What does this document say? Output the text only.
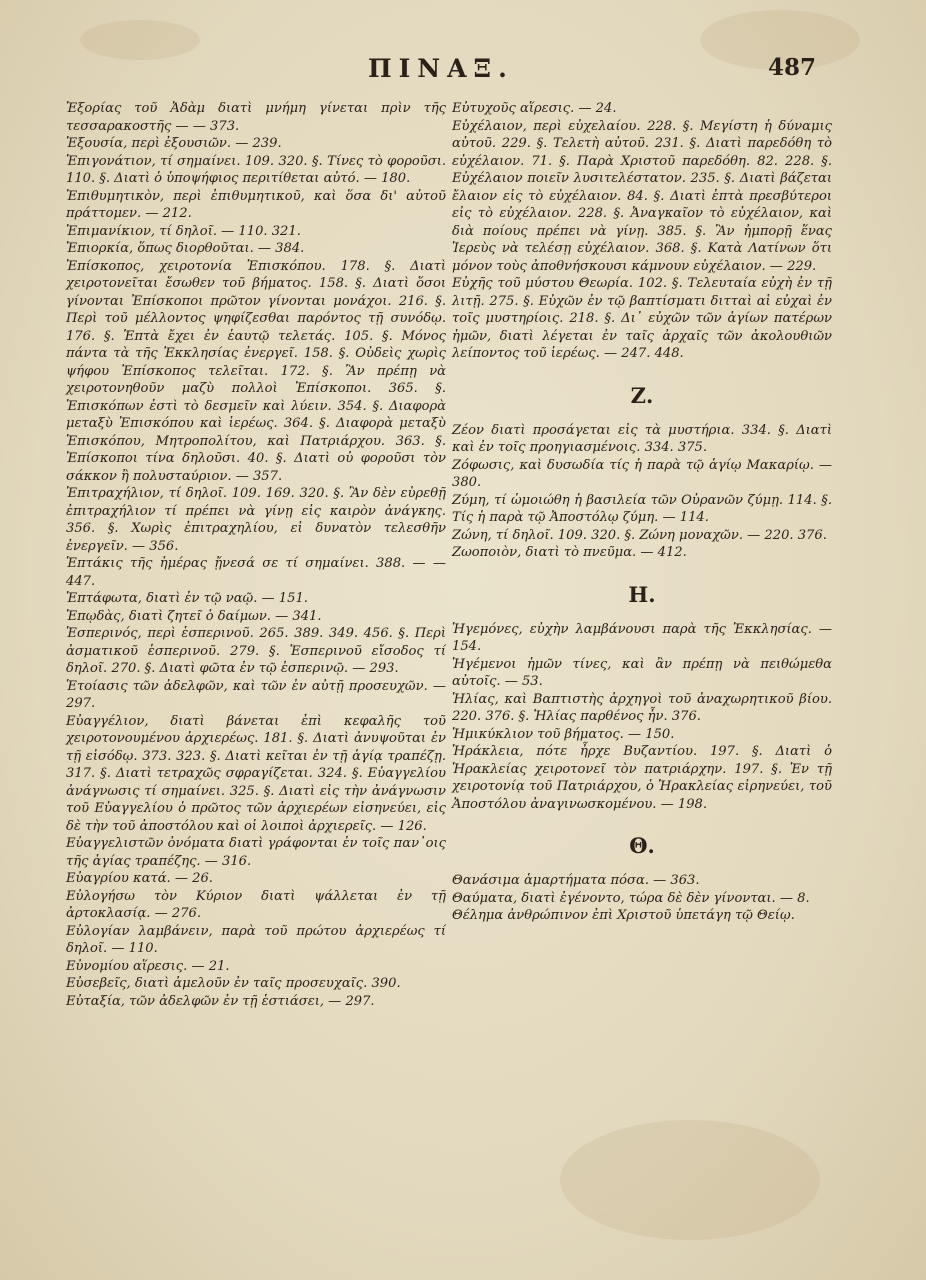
ΠΙΝΑΞ.	487

Ἐξορίας τοῦ Ἀδὰμ διατὶ μνήμη γίνεται πρὶν τῆς τεσσαρακοστῆς — — 373.

Ἐξουσία, περὶ ἐξουσιῶν. — 239.

Ἐπιγονάτιον, τί σημαίνει. 109. 320. §. Τίνες τὸ φοροῦσι. 110. §. Διατὶ ὁ ὑποψήφιος περιτίθεται αὐτό. — 180.

Ἐπιθυμητικὸν, περὶ ἐπιθυμητικοῦ, καὶ ὅσα δι' αὐτοῦ πράττομεν. — 212.

Ἐπιμανίκιον, τί δηλοῖ. — 110. 321.

Ἐπιορκία, ὅπως διορθοῦται. — 384.

Ἐπίσκοπος, χειροτονία Ἐπισκόπου. 178. §. Διατὶ χειροτονεῖται ἔσωθεν τοῦ βήματος. 158. §. Διατὶ ὅσοι γίνονται Ἐπίσκοποι πρῶτον γίνονται μονάχοι. 216. §. Περὶ τοῦ μέλλοντος ψηφίζεσθαι παρόντος τῇ συνόδῳ. 176. §. Ἑπτὰ ἔχει ἐν ἑαυτῷ τελετάς. 105. §. Μόνος πάντα τὰ τῆς Ἐκκλησίας ἐνεργεῖ. 158. §. Οὐδεὶς χωρὶς ψήφου Ἐπίσκοπος τελεῖται. 172. §. Ἂν πρέπῃ νὰ χειροτονηθοῦν μαζὺ πολλοὶ Ἐπίσκοποι. 365. §. Ἐπισκόπων ἐστὶ τὸ δεσμεῖν καὶ λύειν. 354. §. Διαφορὰ μεταξὺ Ἐπισκόπου καὶ ἱερέως. 364. §. Διαφορὰ μεταξὺ Ἐπισκόπου, Μητροπολίτου, καὶ Πατριάρχου. 363. §. Ἐπίσκοποι τίνα δηλοῦσι. 40. §. Διατὶ οὐ φοροῦσι τὸν σάκκον ἢ πολυσταύριον. — 357.

Ἐπιτραχήλιον, τί δηλοῖ. 109. 169. 320. §. Ἂν δὲν εὑρεθῇ ἐπιτραχήλιον τί πρέπει νὰ γίνῃ εἰς καιρὸν ἀνάγκης. 356. §. Χωρὶς ἐπιτραχηλίου, εἰ δυνατὸν τελεσθῆν ἐνεργεῖν. — 356.

Ἑπτάκις τῆς ἡμέρας ᾔνεσά σε τί σημαίνει. 388. — — 447.

Ἐπτάφωτα, διατὶ ἐν τῷ ναῷ. — 151.

Ἐπῳδὰς, διατὶ ζητεῖ ὁ δαίμων. — 341.

Ἑσπερινός, περὶ ἑσπερινοῦ. 265. 389. 349. 456. §. Περὶ ἀσματικοῦ ἑσπερινοῦ. 279. §. Ἑσπερινοῦ εἴσοδος τί δηλοῖ. 270. §. Διατὶ φῶτα ἐν τῷ ἑσπερινῷ. — 293.

Ἑτοίασις τῶν ἀδελφῶν, καὶ τῶν ἐν αὐτῇ προσευχῶν. — 297.

Εὐαγγέλιον, διατὶ βάνεται ἐπὶ κεφαλῆς τοῦ χειροτονουμένου ἀρχιερέως. 181. §. Διατὶ ἀνυψοῦται ἐν τῇ εἰσόδῳ. 373. 323. §. Διατὶ κεῖται ἐν τῇ ἁγίᾳ τραπέζῃ. 317. §. Διατὶ τετραχῶς σφραγίζεται. 324. §. Εὐαγγελίου ἀνάγνωσις τί σημαίνει. 325. §. Διατὶ εἰς τὴν ἀνάγνωσιν τοῦ Εὐαγγελίου ὁ πρῶτος τῶν ἀρχιερέων εἰσηνεύει, εἰς δὲ τὴν τοῦ ἀποστόλου καὶ οἱ λοιποὶ ἀρχιερεῖς. — 126.

Εὐαγγελιστῶν ὀνόματα διατὶ γράφονται ἐν τοῖς παν᾽οις τῆς ἁγίας τραπέζης. — 316.

Εὐαγρίου κατά. — 26.

Εὐλογήσω τὸν Κύριον διατὶ ψάλλεται ἐν τῇ ἀρτοκλασίᾳ. — 276.

Εὐλογίαν λαμβάνειν, παρὰ τοῦ πρώτου ἀρχιερέως τί δηλοῖ. — 110.

Εὐνομίου αἵρεσις. — 21.

Εὐσεβεῖς, διατὶ ἀμελοῦν ἐν ταῖς προσευχαῖς. 390.

Εὐταξία, τῶν ἀδελφῶν ἐν τῇ ἑστιάσει, — 297.

Εὐτυχοῦς αἵρεσις. — 24.

Εὐχέλαιον, περὶ εὐχελαίου. 228. §. Μεγίστη ἡ δύναμις αὐτοῦ. 229. §. Τελετὴ αὐτοῦ. 231. §. Διατὶ παρεδόθη τὸ εὐχέλαιον. 71. §. Παρὰ Χριστοῦ παρεδόθη. 82. 228. §. Εὐχέλαιον ποιεῖν λυσιτελέστατον. 235. §. Διατὶ βάζεται ἔλαιον εἰς τὸ εὐχέλαιον. 84. §. Διατὶ ἑπτὰ πρεσβύτεροι εἰς τὸ εὐχέλαιον. 228. §. Ἀναγκαῖον τὸ εὐχέλαιον, καὶ διὰ ποίους πρέπει νὰ γίνῃ. 385. §. Ἂν ἠμπορῇ ἕνας Ἱερεὺς νὰ τελέσῃ εὐχέλαιον. 368. §. Κατὰ Λατίνων ὅτι μόνον τοὺς ἀποθνήσκουσι κάμνουν εὐχέλαιον. — 229.

Εὐχῆς τοῦ μύστου Θεωρία. 102. §. Τελευταία εὐχὴ ἐν τῇ λιτῇ. 275. §. Εὐχῶν ἐν τῷ βαπτίσματι διτταὶ αἱ εὐχαὶ ἐν τοῖς μυστηρίοις. 218. §. Δι᾽ εὐχῶν τῶν ἁγίων πατέρων ἡμῶν, διατὶ λέγεται ἐν ταῖς ἀρχαῖς τῶν ἀκολουθιῶν λείποντος τοῦ ἱερέως. — 247. 448.

Ζ.

Ζέον διατὶ προσάγεται εἰς τὰ μυστήρια. 334. §. Διατὶ καὶ ἐν τοῖς προηγιασμένοις. 334. 375.

Ζόφωσις, καὶ δυσωδία τίς ἡ παρὰ τῷ ἁγίῳ Μακαρίῳ. — 380.

Ζύμη, τί ὡμοιώθη ἡ βασιλεία τῶν Οὐρανῶν ζύμῃ. 114. §. Τίς ἡ παρὰ τῷ Ἀποστόλῳ ζύμη. — 114.

Ζώνη, τί δηλοῖ. 109. 320. §. Ζώνη μοναχῶν. — 220. 376.

Ζωοποιὸν, διατὶ τὸ πνεῦμα. — 412.

Η.

Ἡγεμόνες, εὐχὴν λαμβάνουσι παρὰ τῆς Ἐκκλησίας. — 154.

Ἡγέμενοι ἡμῶν τίνες, καὶ ἂν πρέπῃ νὰ πειθώμεθα αὐτοῖς. — 53.

Ἡλίας, καὶ Βαπτιστὴς ἀρχηγοὶ τοῦ ἀναχωρητικοῦ βίου. 220. 376. §. Ἡλίας παρθένος ἦν. 376.

Ἡμικύκλιον τοῦ βήματος. — 150.

Ἡράκλεια, πότε ἦρχε Βυζαντίου. 197. §. Διατὶ ὁ Ἡρακλείας χειροτονεῖ τὸν πατριάρχην. 197. §. Ἐν τῇ χειροτονίᾳ τοῦ Πατριάρχου, ὁ Ἡρακλείας εἰρηνεύει, τοῦ Ἀποστόλου ἀναγινωσκομένου. — 198.

Θ.

Θανάσιμα ἁμαρτήματα πόσα. — 363.

Θαύματα, διατὶ ἐγένοντο, τώρα δὲ δὲν γίνονται. — 8.

Θέλημα ἀνθρώπινον ἐπὶ Χριστοῦ ὑπετάγη τῷ Θείῳ.
